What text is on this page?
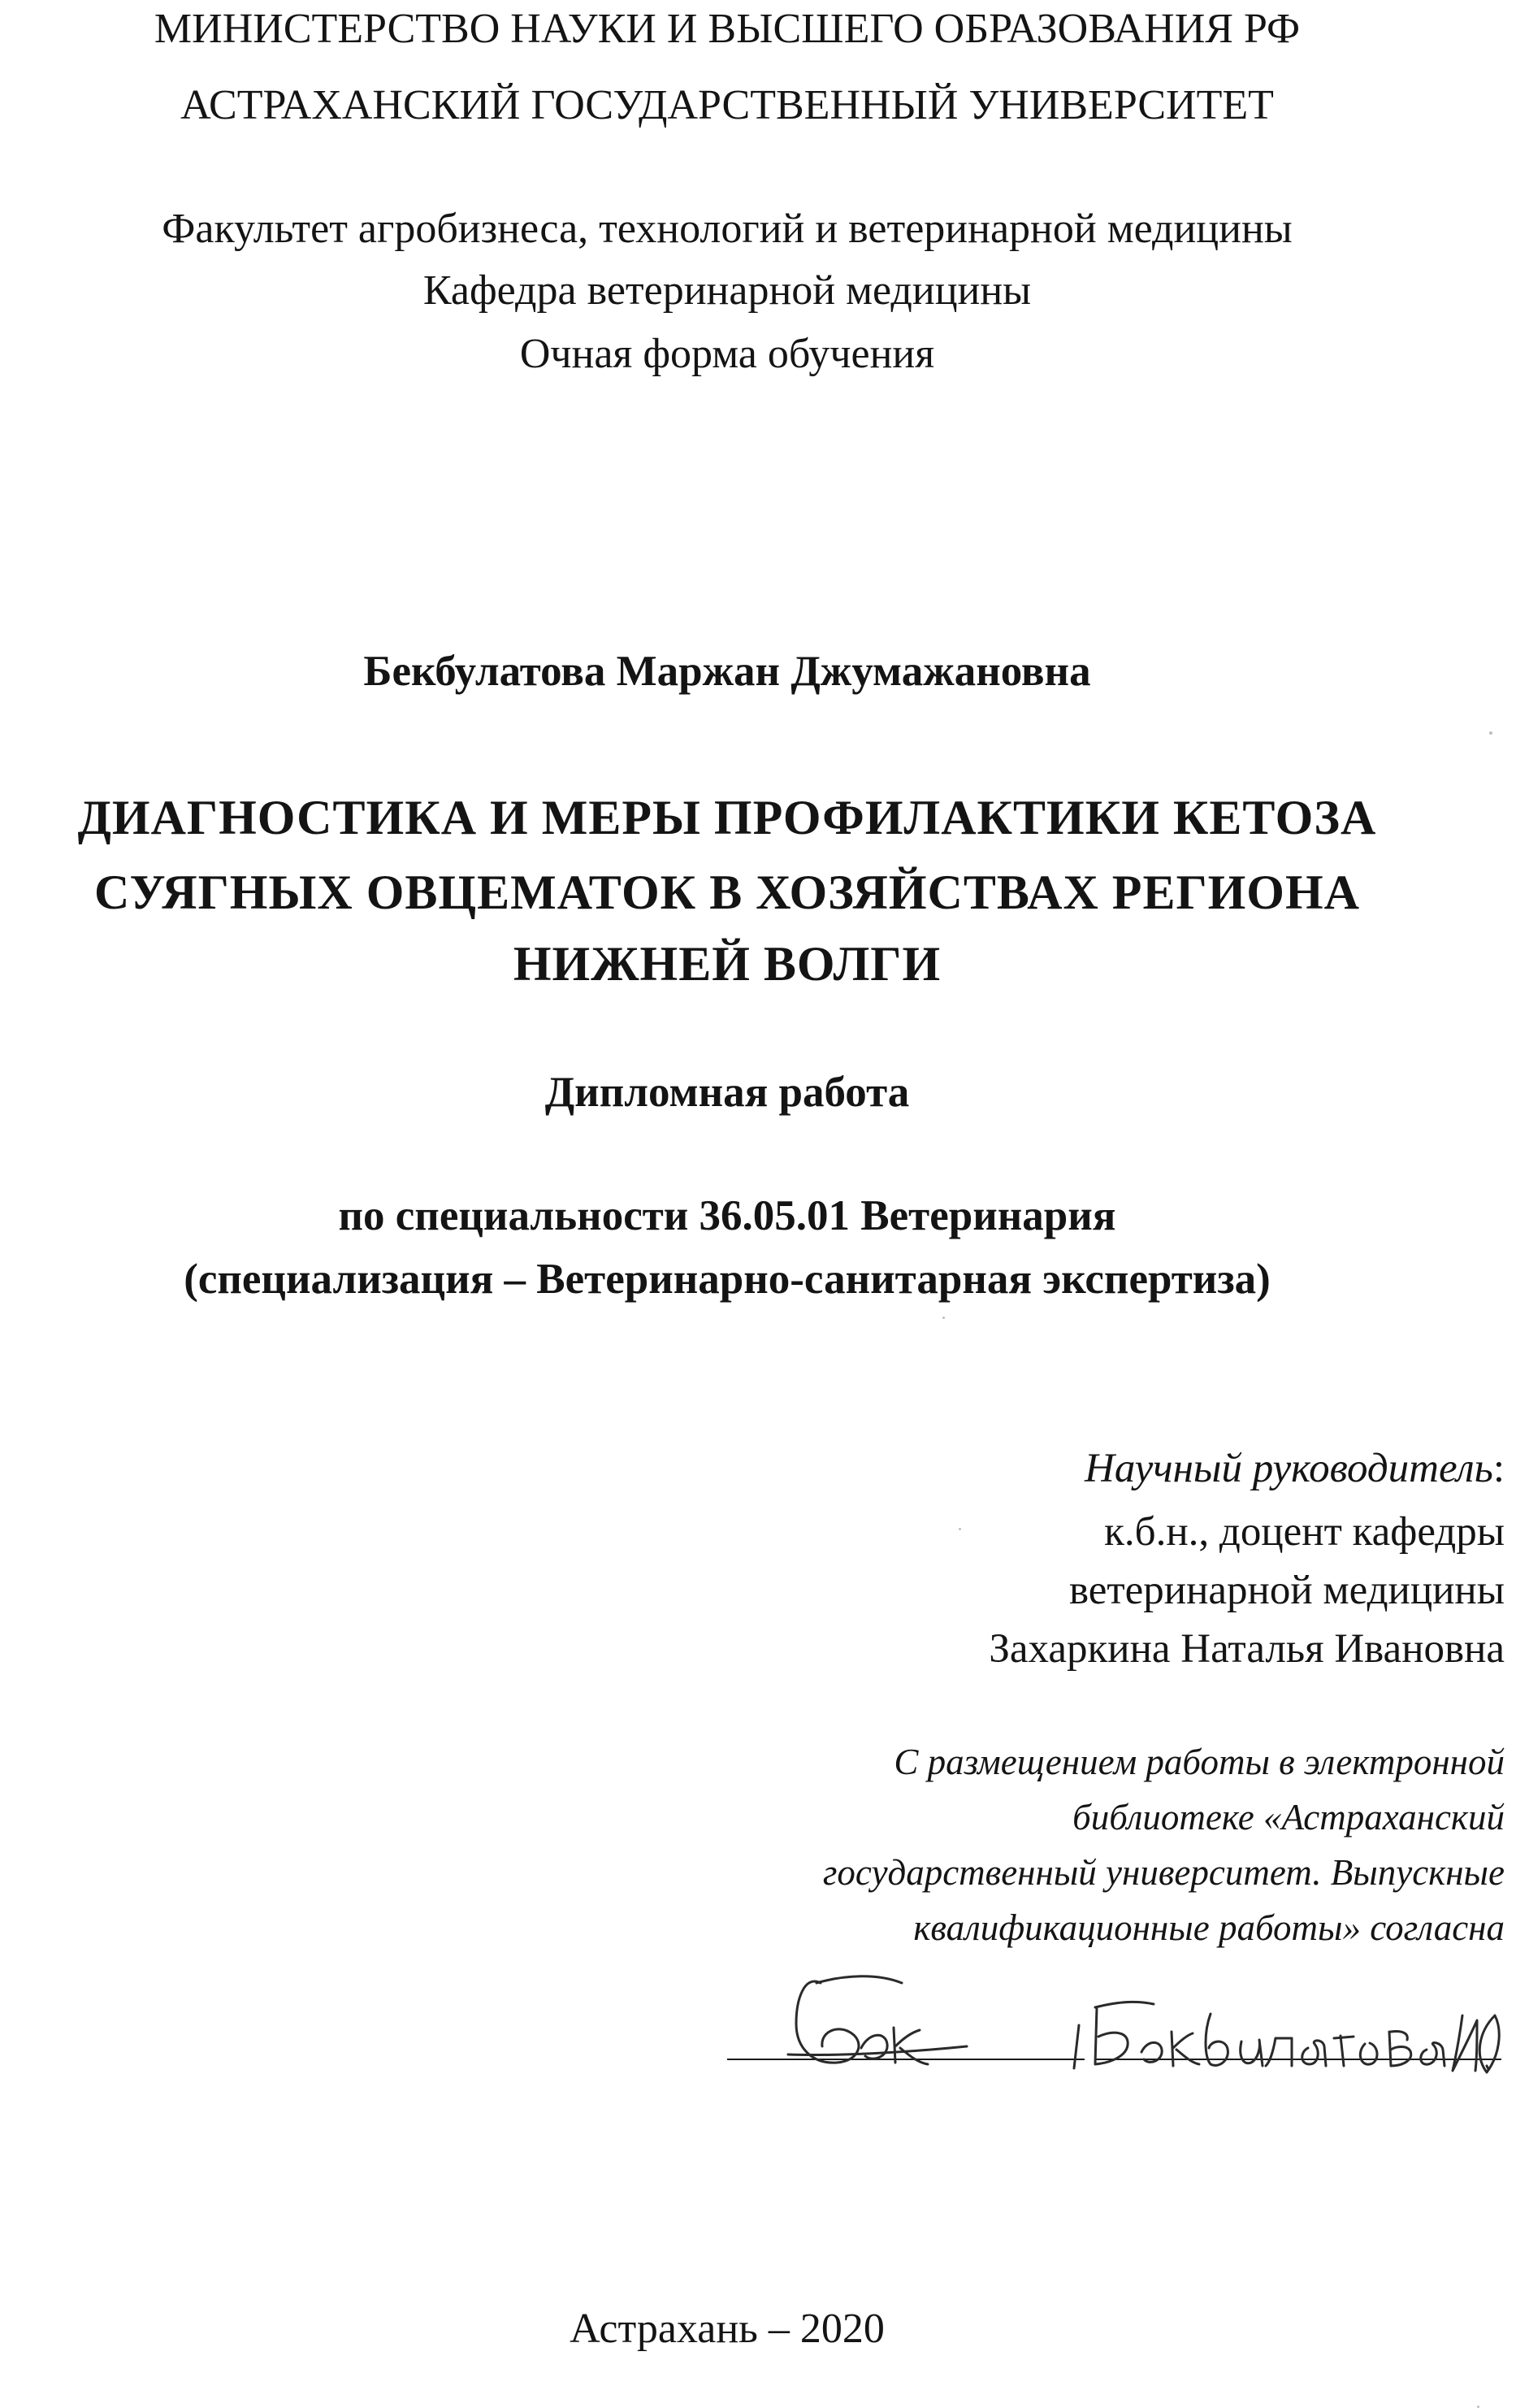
МИНИСТЕРСТВО НАУКИ И ВЫСШЕГО ОБРАЗОВАНИЯ РФ

АСТРАХАНСКИЙ ГОСУДАРСТВЕННЫЙ УНИВЕРСИТЕТ

Факультет агробизнеса, технологий и ветеринарной медицины

Кафедра ветеринарной медицины

Очная форма обучения

Бекбулатова Маржан Джумажановна

ДИАГНОСТИКА И МЕРЫ ПРОФИЛАКТИКИ КЕТОЗА

СУЯГНЫХ ОВЦЕМАТОК В ХОЗЯЙСТВАХ РЕГИОНА

НИЖНЕЙ ВОЛГИ

Дипломная работа

по специальности 36.05.01 Ветеринария

(специализация – Ветеринарно-санитарная экспертиза)

Научный руководитель:

к.б.н., доцент кафедры

ветеринарной медицины

Захаркина Наталья Ивановна

С размещением работы в электронной

библиотеке «Астраханский

государственный университет. Выпускные

квалификационные работы» согласна

Астрахань – 2020
